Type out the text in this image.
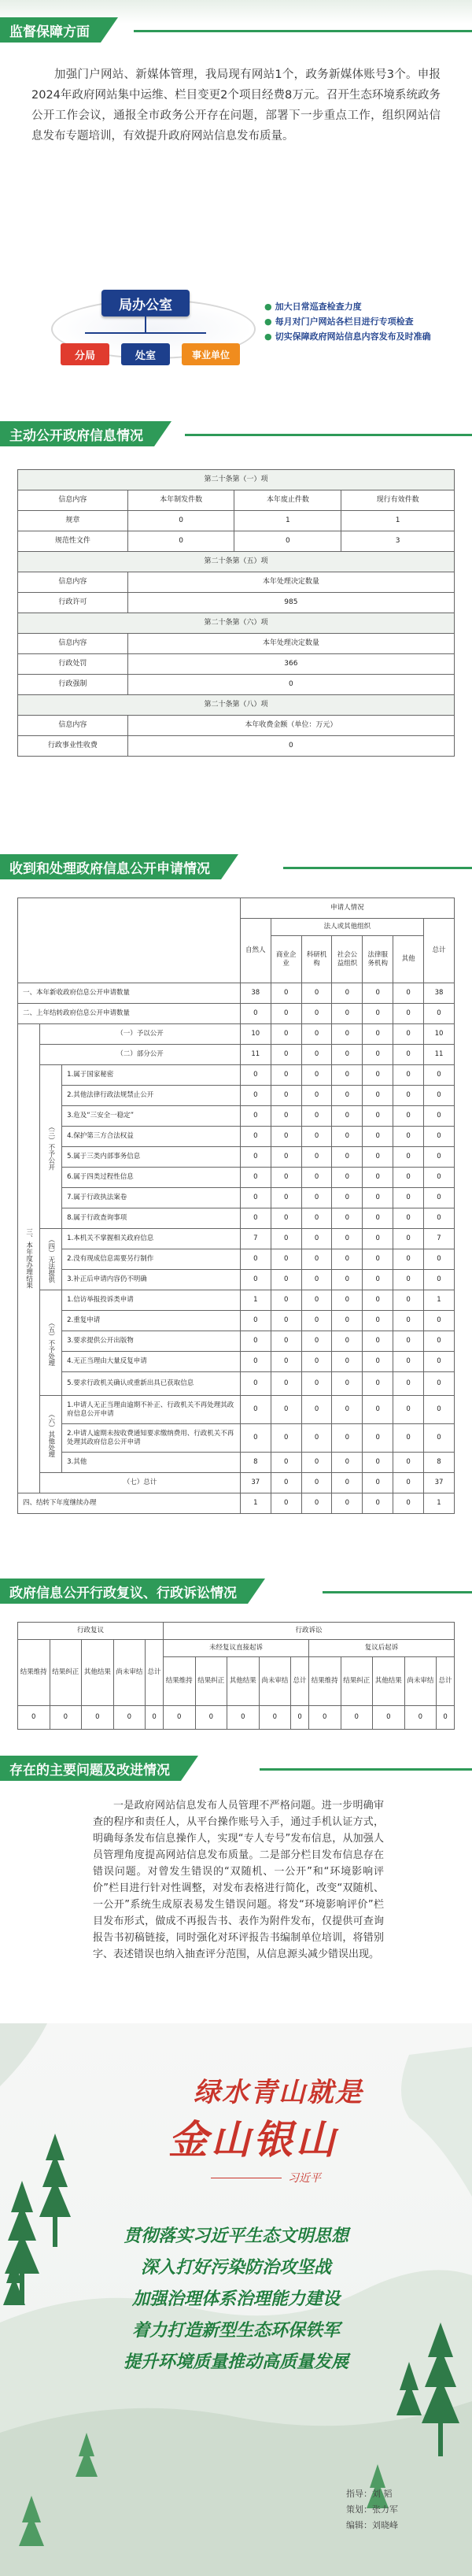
监督保障方面
加强门户网站、新媒体管理，我局现有网站1个，政务新媒体账号3个。申报2024年政府网站集中运维、栏目变更2个项目经费8万元。召开生态环境系统政务公开工作会议，通报全市政务公开存在问题，部署下一步重点工作，组织网站信息发布专题培训，有效提升政府网站信息发布质量。
局办公室
分局	处室	事业单位
● 加大日常巡查检查力度
● 每月对门户网站各栏目进行专项检查
● 切实保障政府网站信息内容发布及时准确
主动公开政府信息情况
第二十条第（一）项			
信息内容	本年制发件数	本年废止件数	现行有效件数
规章	0	1	1
规范性文件	0	0	3
第二十条第（五）项			
信息内容	本年处理决定数量		
行政许可	985		
第二十条第（六）项			
信息内容	本年处理决定数量		
行政处罚	366		
行政强制	0		
第二十条第（八）项			
信息内容	本年收费金额（单位：万元）		
行政事业性收费	0		
收到和处理政府信息公开申请情况
			申请人情况						
			自然人	法人或其他组织					总计
				商业企业	科研机构	社会公益组织	法律服务机构	其他	
一、本年新收政府信息公开申请数量			38	0	0	0	0	0	38
二、上年结转政府信息公开申请数量			0	0	0	0	0	0	0
三、本年度办理结果	（一）予以公开		10	0	0	0	0	0	10
	（二）部分公开		11	0	0	0	0	0	11
	（三）不予公开	1.属于国家秘密	0	0	0	0	0	0	0
		2.其他法律行政法规禁止公开	0	0	0	0	0	0	0
		3.危及“三安全一稳定”	0	0	0	0	0	0	0
		4.保护第三方合法权益	0	0	0	0	0	0	0
		5.属于三类内部事务信息	0	0	0	0	0	0	0
		6.属于四类过程性信息	0	0	0	0	0	0	0
		7.属于行政执法案卷	0	0	0	0	0	0	0
		8.属于行政查询事项	0	0	0	0	0	0	0
	（四）无法提供	1.本机关不掌握相关政府信息	7	0	0	0	0	0	7
		2.没有现成信息需要另行制作	0	0	0	0	0	0	0
		3.补正后申请内容仍不明确	0	0	0	0	0	0	0
	（五）不予处理	1.信访举报投诉类申请	1	0	0	0	0	0	1
		2.重复申请	0	0	0	0	0	0	0
		3.要求提供公开出版物	0	0	0	0	0	0	0
		4.无正当理由大量反复申请	0	0	0	0	0	0	0
		5.要求行政机关确认或重新出具已获取信息	0	0	0	0	0	0	0
	（六）其他处理	1.申请人无正当理由逾期不补正、行政机关不再处理其政府信息公开申请	0	0	0	0	0	0	0
		2.申请人逾期未按收费通知要求缴纳费用、行政机关不再处理其政府信息公开申请	0	0	0	0	0	0	0
		3.其他	8	0	0	0	0	0	8
	（七）总计		37	0	0	0	0	0	37
四、结转下年度继续办理			1	0	0	0	0	0	1
政府信息公开行政复议、行政诉讼情况
行政复议					行政诉讼									
结果维持	结果纠正	其他结果	尚未审结	总计	未经复议直接起诉					复议后起诉				
					结果维持	结果纠正	其他结果	尚未审结	总计	结果维持	结果纠正	其他结果	尚未审结	总计
0	0	0	0	0	0	0	0	0	0	0	0	0	0	0
存在的主要问题及改进情况
一是政府网站信息发布人员管理不严格问题。进一步明确审查的程序和责任人，从平台操作账号入手，通过手机认证方式，明确每条发布信息操作人，实现“专人专号”发布信息，从加强人员管理角度提高网站信息发布质量。二是部分栏目发布信息存在错误问题。对曾发生错误的“双随机、一公开”和“环境影响评价”栏目进行针对性调整，对发布表格进行简化，改变“双随机、一公开”系统生成原表易发生错误问题。将发“环境影响评价”栏目发布形式，做成不再报告书、表作为附件发布，仅提供可查询报告书初稿链接，同时强化对环评报告书编制单位培训，将错别字、表述错误也纳入抽查评分范围，从信息源头减少错误出现。
绿水青山就是
金山银山
习近平
贯彻落实习近平生态文明思想
深入打好污染防治攻坚战
加强治理体系治理能力建设
着力打造新型生态环保铁军
提升环境质量推动高质量发展
指导：刘 韬
策划：张力军
编辑：刘晓峰
